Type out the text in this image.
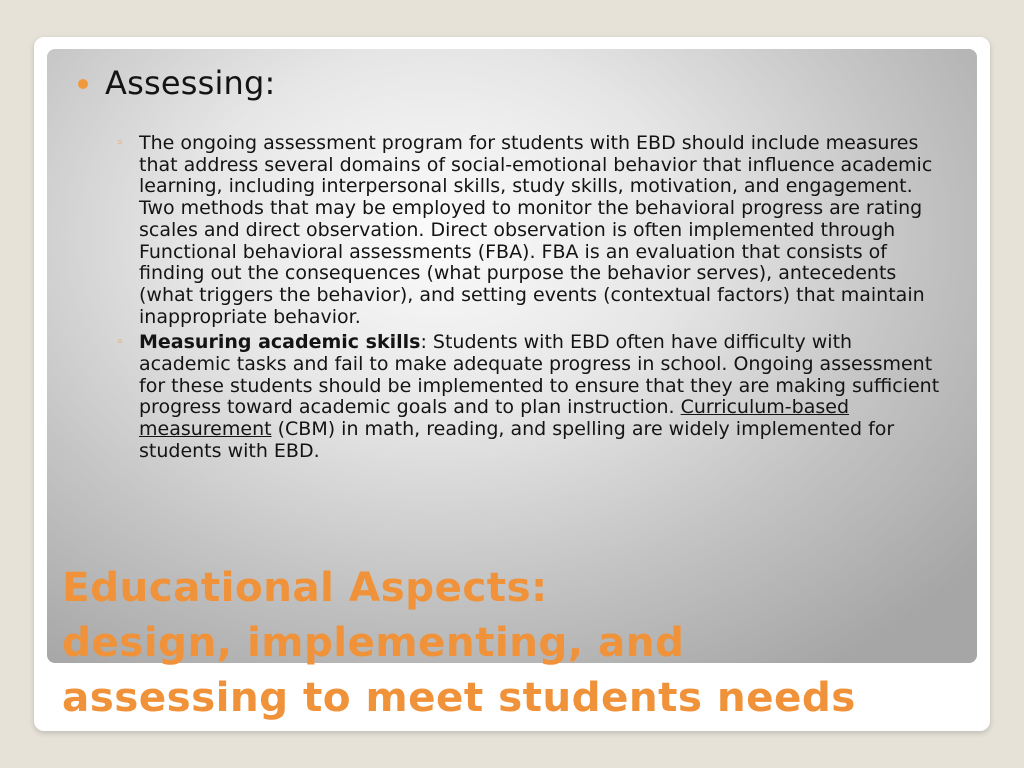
Assessing:
◦ The ongoing assessment program for students with EBD should include measures that address several domains of social-emotional behavior that influence academic learning, including interpersonal skills, study skills, motivation, and engagement. Two methods that may be employed to monitor the behavioral progress are rating scales and direct observation. Direct observation is often implemented through Functional behavioral assessments (FBA). FBA is an evaluation that consists of finding out the consequences (what purpose the behavior serves), antecedents (what triggers the behavior), and setting events (contextual factors) that maintain inappropriate behavior.
◦ Measuring academic skills: Students with EBD often have difficulty with academic tasks and fail to make adequate progress in school. Ongoing assessment for these students should be implemented to ensure that they are making sufficient progress toward academic goals and to plan instruction. Curriculum-based measurement (CBM) in math, reading, and spelling are widely implemented for students with EBD.
Educational Aspects:
design, implementing, and
assessing to meet students needs
